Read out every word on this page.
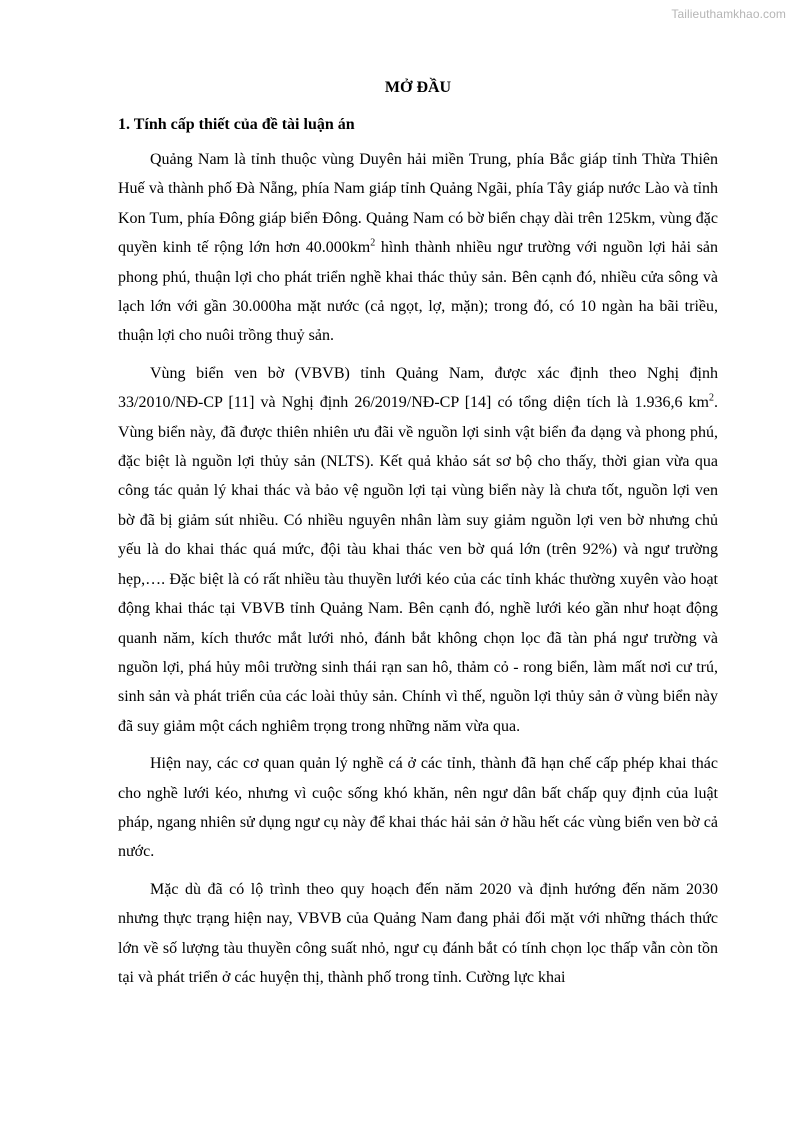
Tailieuthamkhao.com
MỞ ĐẦU
1. Tính cấp thiết của đề tài luận án

Quảng Nam là tỉnh thuộc vùng Duyên hải miền Trung, phía Bắc giáp tỉnh Thừa Thiên Huế và thành phố Đà Nẵng, phía Nam giáp tỉnh Quảng Ngãi, phía Tây giáp nước Lào và tỉnh Kon Tum, phía Đông giáp biển Đông. Quảng Nam có bờ biển chạy dài trên 125km, vùng đặc quyền kinh tế rộng lớn hơn $40.000km^2$ hình thành nhiều ngư trường với nguồn lợi hải sản phong phú, thuận lợi cho phát triển nghề khai thác thủy sản. Bên cạnh đó, nhiều cửa sông và lạch lớn với gần 30.000ha mặt nước (cả ngọt, lợ, mặn); trong đó, có 10 ngàn ha bãi triều, thuận lợi cho nuôi trồng thuỷ sản.

Vùng biển ven bờ (VBVB) tỉnh Quảng Nam, được xác định theo Nghị định 33/2010/NĐ-CP [11] và Nghị định 26/2019/NĐ-CP [14] có tổng diện tích là 1.936,6 $km^2$. Vùng biển này, đã được thiên nhiên ưu đãi về nguồn lợi sinh vật biển đa dạng và phong phú, đặc biệt là nguồn lợi thủy sản (NLTS). Kết quả khảo sát sơ bộ cho thấy, thời gian vừa qua công tác quản lý khai thác và bảo vệ nguồn lợi tại vùng biển này là chưa tốt, nguồn lợi ven bờ đã bị giảm sút nhiều. Có nhiều nguyên nhân làm suy giảm nguồn lợi ven bờ nhưng chủ yếu là do khai thác quá mức, đội tàu khai thác ven bờ quá lớn (trên 92%) và ngư trường hẹp,…. Đặc biệt là có rất nhiều tàu thuyền lưới kéo của các tỉnh khác thường xuyên vào hoạt động khai thác tại VBVB tỉnh Quảng Nam. Bên cạnh đó, nghề lưới kéo gần như hoạt động quanh năm, kích thước mắt lưới nhỏ, đánh bắt không chọn lọc đã tàn phá ngư trường và nguồn lợi, phá hủy môi trường sinh thái rạn san hô, thảm cỏ - rong biển, làm mất nơi cư trú, sinh sản và phát triển của các loài thủy sản. Chính vì thế, nguồn lợi thủy sản ở vùng biển này đã suy giảm một cách nghiêm trọng trong những năm vừa qua.

Hiện nay, các cơ quan quản lý nghề cá ở các tỉnh, thành đã hạn chế cấp phép khai thác cho nghề lưới kéo, nhưng vì cuộc sống khó khăn, nên ngư dân bất chấp quy định của luật pháp, ngang nhiên sử dụng ngư cụ này để khai thác hải sản ở hầu hết các vùng biển ven bờ cả nước.

Mặc dù đã có lộ trình theo quy hoạch đến năm 2020 và định hướng đến năm 2030 nhưng thực trạng hiện nay, VBVB của Quảng Nam đang phải đối mặt với những thách thức lớn về số lượng tàu thuyền công suất nhỏ, ngư cụ đánh bắt có tính chọn lọc thấp vẫn còn tồn tại và phát triển ở các huyện thị, thành phố trong tỉnh. Cường lực khai
